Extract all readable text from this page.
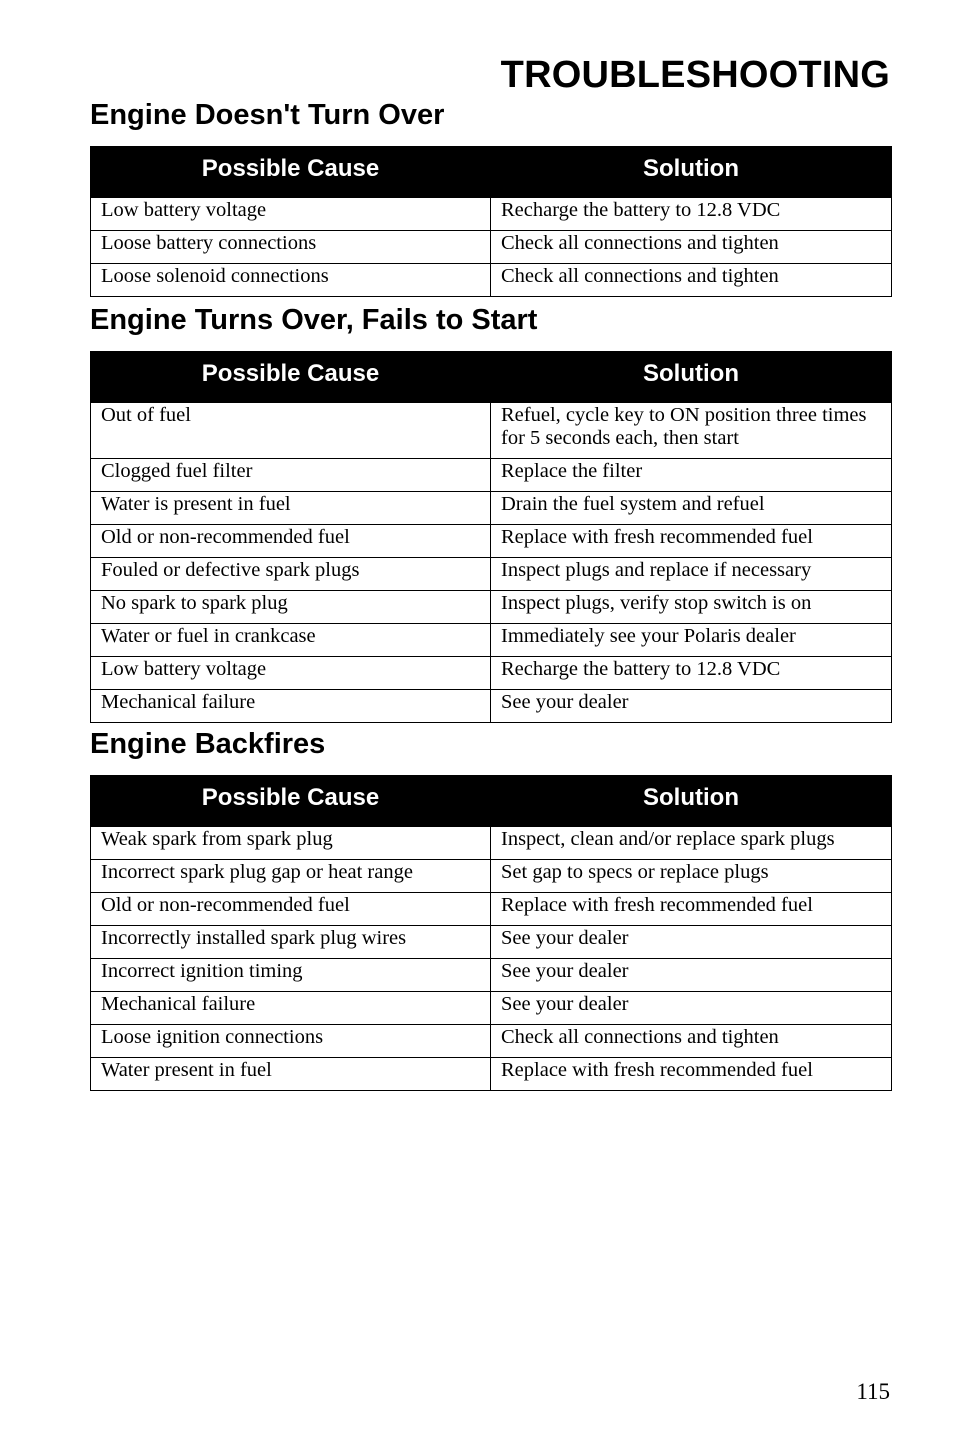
TROUBLESHOOTING
Engine Doesn't Turn Over
Possible Cause	Solution
Low battery voltage	Recharge the battery to 12.8 VDC
Loose battery connections	Check all connections and tighten
Loose solenoid connections	Check all connections and tighten
Engine Turns Over, Fails to Start
Possible Cause	Solution
Out of fuel	Refuel, cycle key to ON position three times for 5 seconds each, then start
Clogged fuel filter	Replace the filter
Water is present in fuel	Drain the fuel system and refuel
Old or non-recommended fuel	Replace with fresh recommended fuel
Fouled or defective spark plugs	Inspect plugs and replace if necessary
No spark to spark plug	Inspect plugs, verify stop switch is on
Water or fuel in crankcase	Immediately see your Polaris dealer
Low battery voltage	Recharge the battery to 12.8 VDC
Mechanical failure	See your dealer
Engine Backfires
Possible Cause	Solution
Weak spark from spark plug	Inspect, clean and/or replace spark plugs
Incorrect spark plug gap or heat range	Set gap to specs or replace plugs
Old or non-recommended fuel	Replace with fresh recommended fuel
Incorrectly installed spark plug wires	See your dealer
Incorrect ignition timing	See your dealer
Mechanical failure	See your dealer
Loose ignition connections	Check all connections and tighten
Water present in fuel	Replace with fresh recommended fuel

115
